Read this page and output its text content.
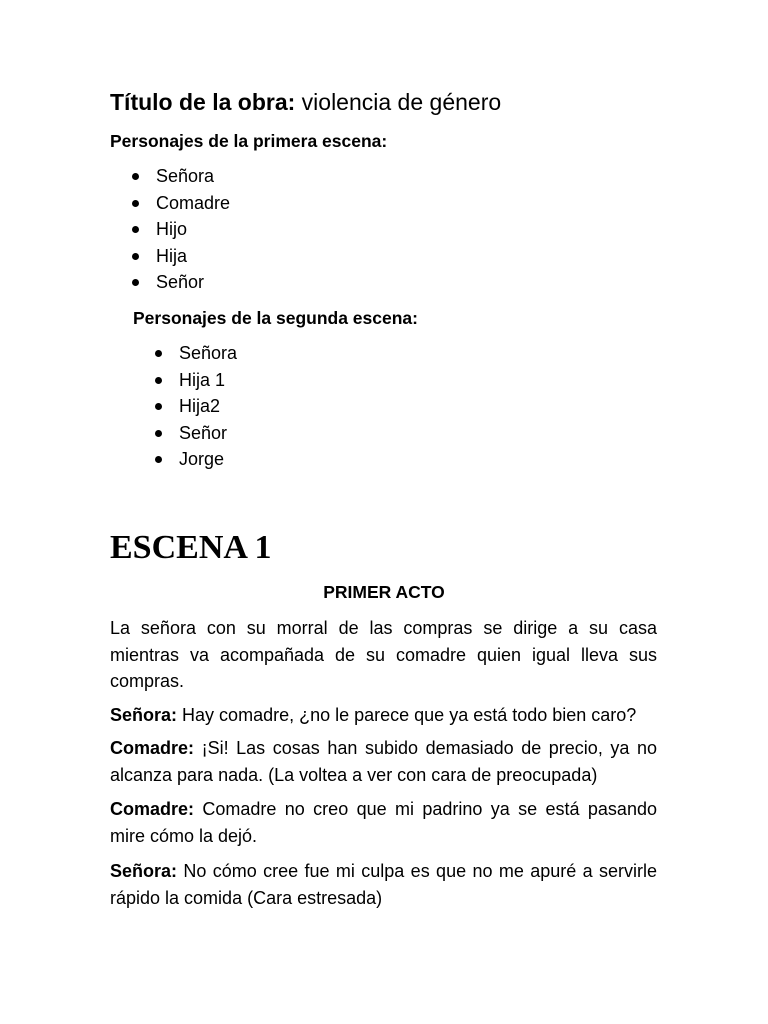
Título de la obra: violencia de género
Personajes de la primera escena:
Señora
Comadre
Hijo
Hija
Señor
Personajes de la segunda escena:
Señora
Hija 1
Hija2
Señor
Jorge
ESCENA 1
PRIMER ACTO

La señora con su morral de las compras se dirige a su casa mientras va acompañada de su comadre quien igual lleva sus compras.

Señora: Hay comadre, ¿no le parece que ya está todo bien caro?

Comadre: ¡Si! Las cosas han subido demasiado de precio, ya no alcanza para nada. (La voltea a ver con cara de preocupada)

Comadre: Comadre no creo que mi padrino ya se está pasando mire cómo la dejó.

Señora: No cómo cree fue mi culpa es que no me apuré a servirle rápido la comida (Cara estresada)
